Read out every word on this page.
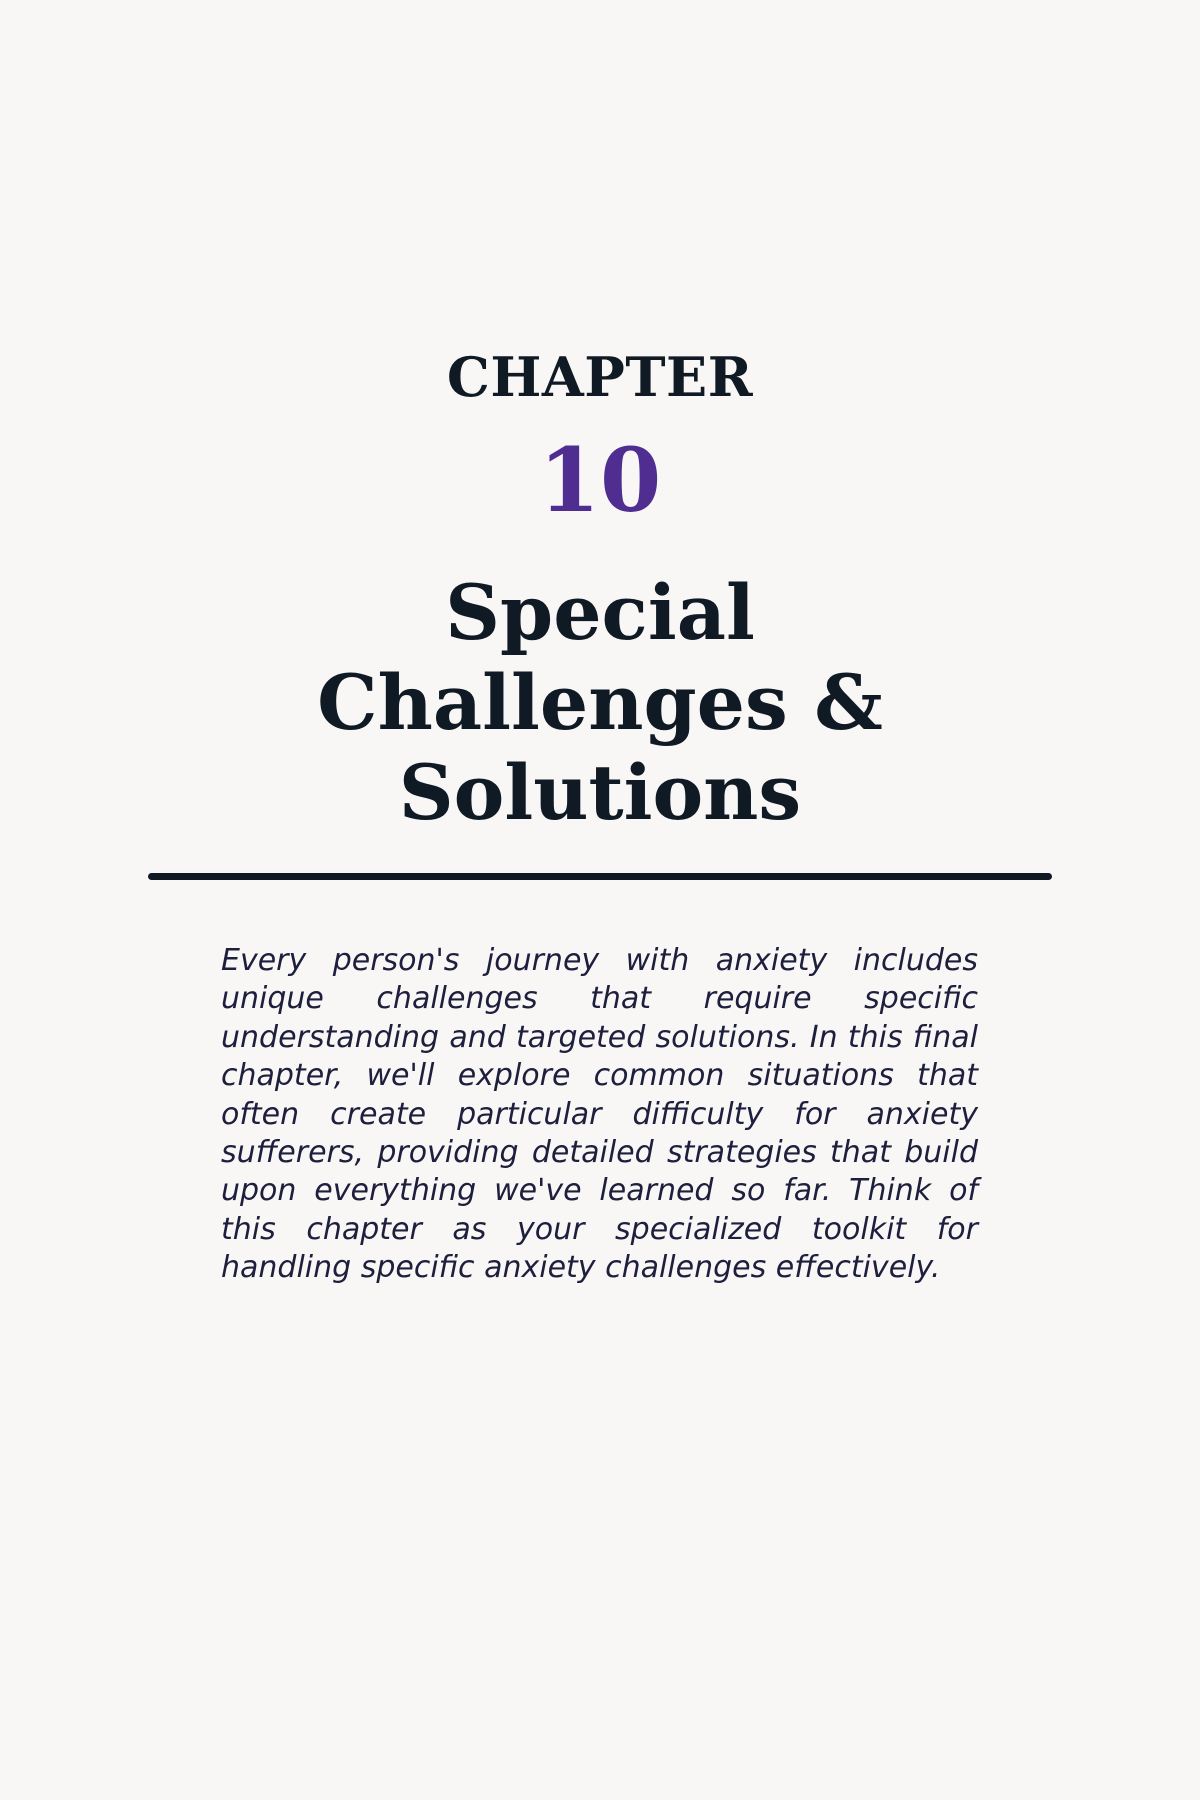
CHAPTER
10
Special Challenges & Solutions

Every person's journey with anxiety includes unique challenges that require specific understanding and targeted solutions. In this final chapter, we'll explore common situations that often create particular difficulty for anxiety sufferers, providing detailed strategies that build upon everything we've learned so far. Think of this chapter as your specialized toolkit for handling specific anxiety challenges effectively.
